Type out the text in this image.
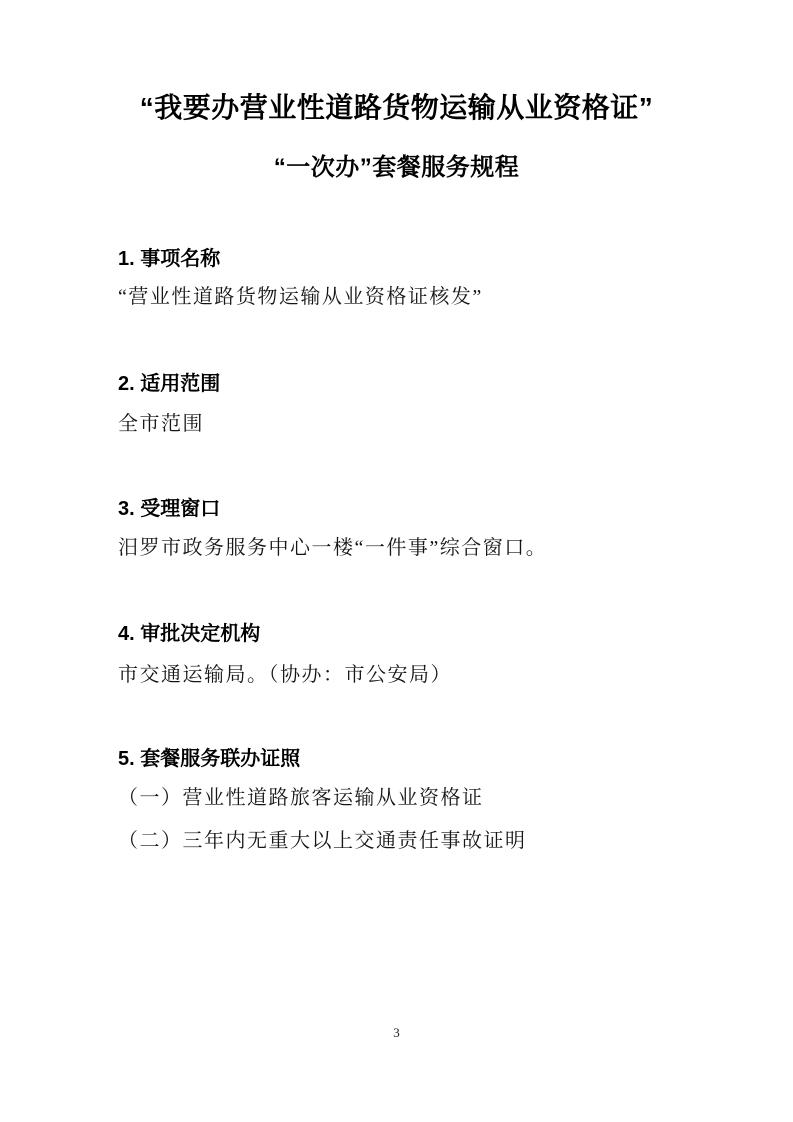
“我要办营业性道路货物运输从业资格证”
“一次办”套餐服务规程
1. 事项名称
“营业性道路货物运输从业资格证核发”
2. 适用范围
全市范围
3. 受理窗口
汨罗市政务服务中心一楼“一件事”综合窗口。
4. 审批决定机构
市交通运输局。（协办：市公安局）
5. 套餐服务联办证照
（一）营业性道路旅客运输从业资格证
（二）三年内无重大以上交通责任事故证明
3
